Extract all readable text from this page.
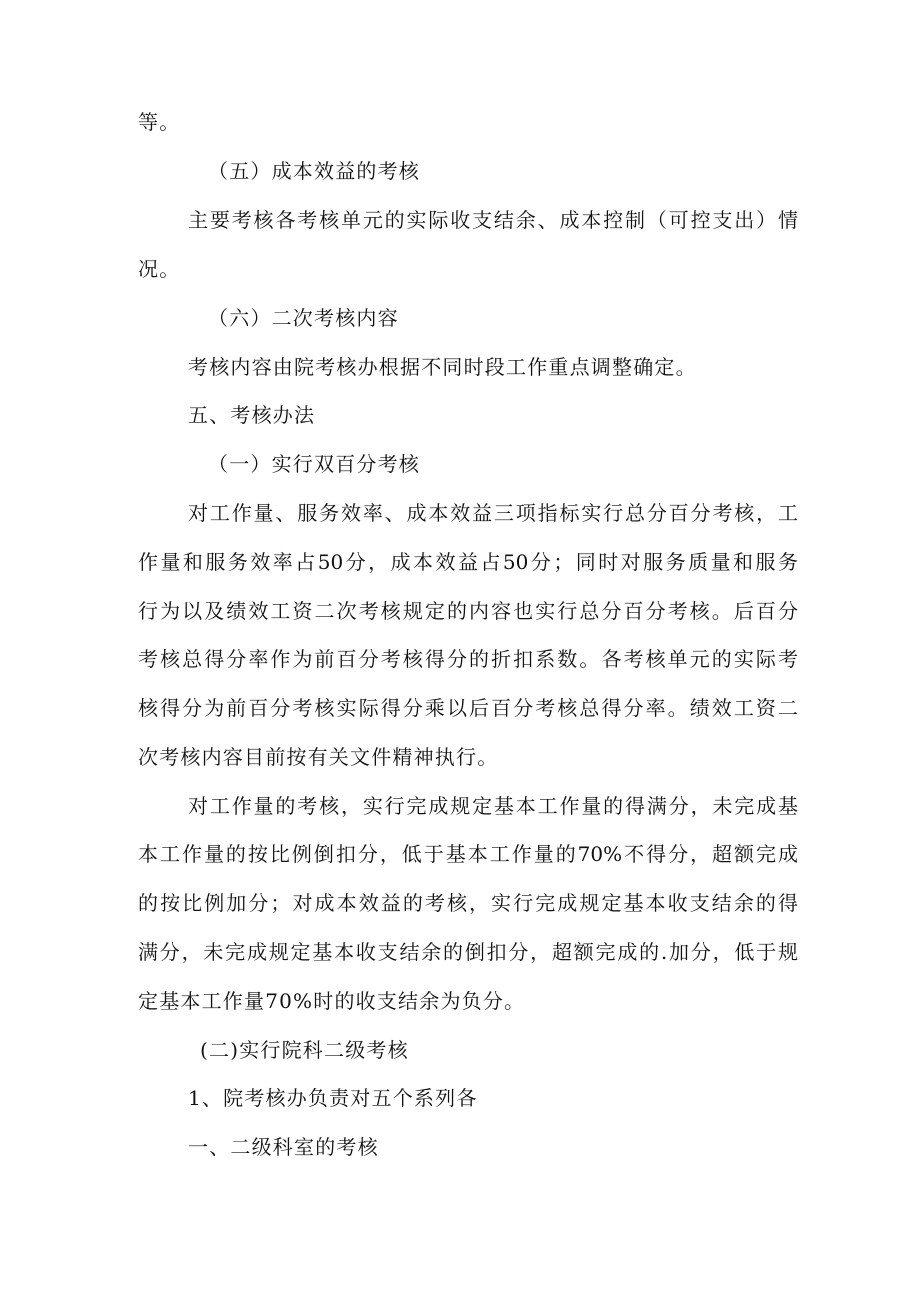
等。
（五）成本效益的考核
主要考核各考核单元的实际收支结余、成本控制（可控支出）情
况。
（六）二次考核内容
考核内容由院考核办根据不同时段工作重点调整确定。
五、考核办法
（一）实行双百分考核
对工作量、服务效率、成本效益三项指标实行总分百分考核，工
作量和服务效率占50分，成本效益占50分；同时对服务质量和服务
行为以及绩效工资二次考核规定的内容也实行总分百分考核。后百分
考核总得分率作为前百分考核得分的折扣系数。各考核单元的实际考
核得分为前百分考核实际得分乘以后百分考核总得分率。绩效工资二
次考核内容目前按有关文件精神执行。
对工作量的考核，实行完成规定基本工作量的得满分，未完成基
本工作量的按比例倒扣分，低于基本工作量的70%不得分，超额完成
的按比例加分；对成本效益的考核，实行完成规定基本收支结余的得
满分，未完成规定基本收支结余的倒扣分，超额完成的.加分，低于规
定基本工作量70%时的收支结余为负分。
(二)实行院科二级考核
1、院考核办负责对五个系列各
一、二级科室的考核
